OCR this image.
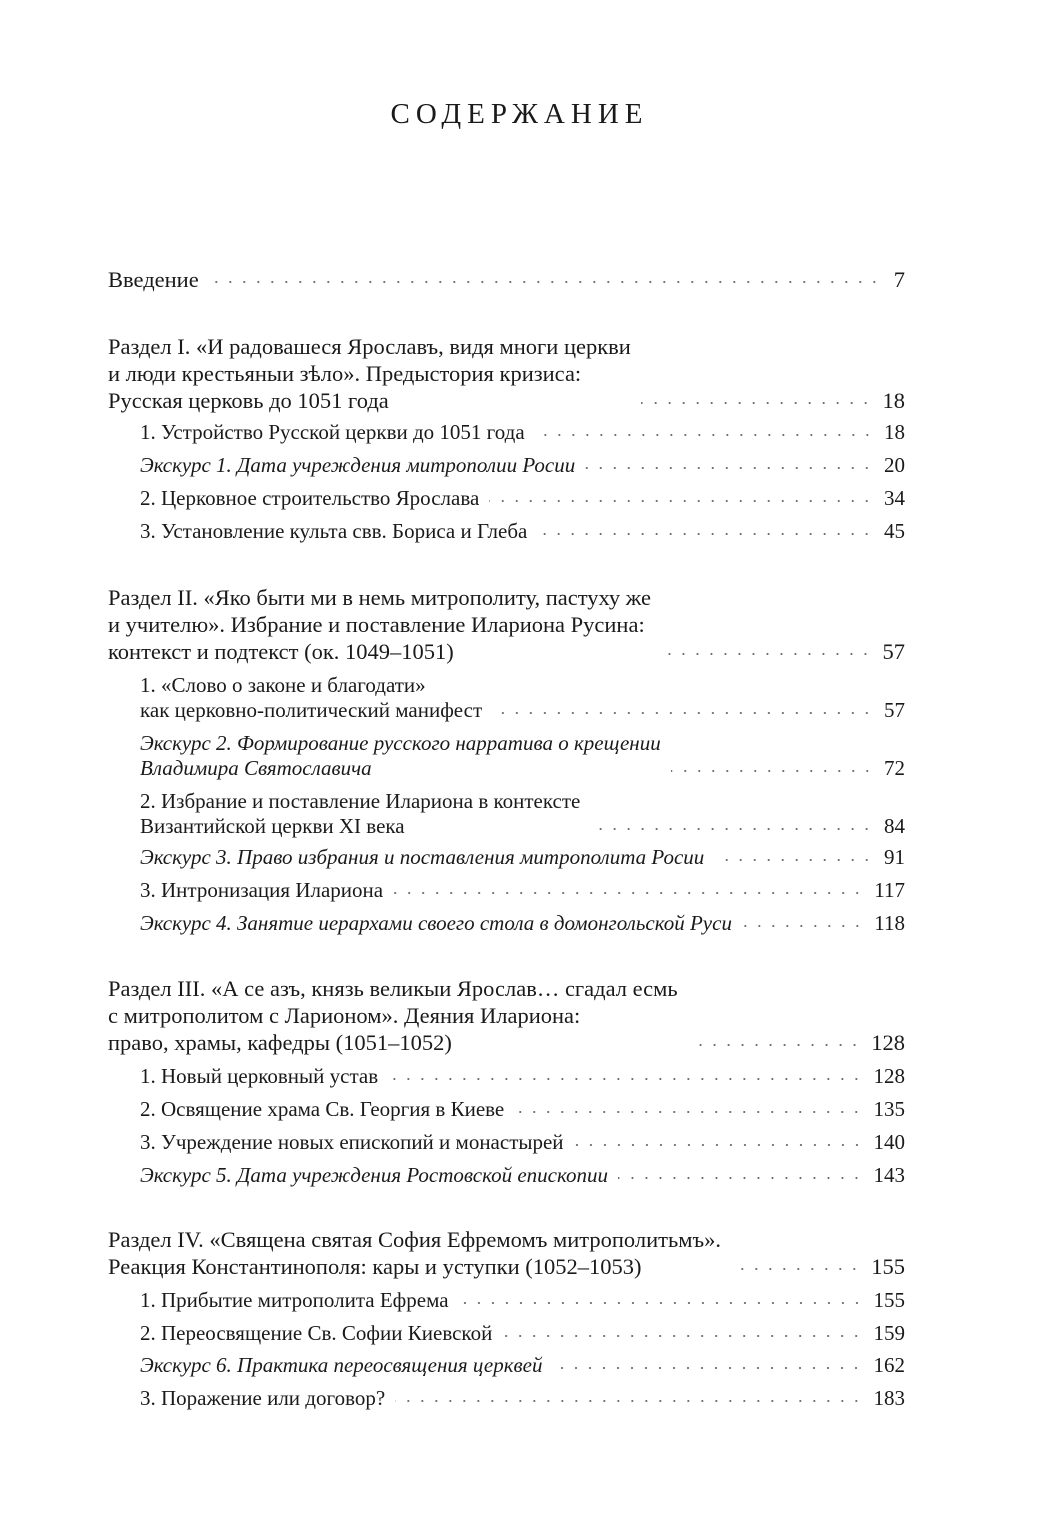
СОДЕРЖАНИЕ
Введение	7
Раздел I. «И радовашеся Ярославъ, видя многи церкви
и люди крестьяныи зѣло». Предыстория кризиса:
Русская церковь до 1051 года	18
1. Устройство Русской церкви до 1051 года	18
Экскурс 1. Дата учреждения митрополии Росии	20
2. Церковное строительство Ярослава	34
3. Установление культа свв. Бориса и Глеба	45
Раздел II. «Яко быти ми в немь митрополиту, пастуху же
и учителю». Избрание и поставление Илариона Русина:
контекст и подтекст (ок. 1049–1051)	57
1. «Слово о законе и благодати»
как церковно-политический манифест	57
Экскурс 2. Формирование русского нарратива о крещении
Владимира Святославича	72
2. Избрание и поставление Илариона в контексте
Византийской церкви XI века	84
Экскурс 3. Право избрания и поставления митрополита Росии	91
3. Интронизация Илариона	117
Экскурс 4. Занятие иерархами своего стола в домонгольской Руси	118
Раздел III. «А се азъ, князь великыи Ярослав… сгадал есмь
с митрополитом с Ларионом». Деяния Илариона:
право, храмы, кафедры (1051–1052)	128
1. Новый церковный устав	128
2. Освящение храма Св. Георгия в Киеве	135
3. Учреждение новых епископий и монастырей	140
Экскурс 5. Дата учреждения Ростовской епископии	143
Раздел IV. «Священа святая София Ефремомъ митрополитьмъ».
Реакция Константинополя: кары и уступки (1052–1053)	155
1. Прибытие митрополита Ефрема	155
2. Переосвящение Св. Софии Киевской	159
Экскурс 6. Практика переосвящения церквей	162
3. Поражение или договор?	183
